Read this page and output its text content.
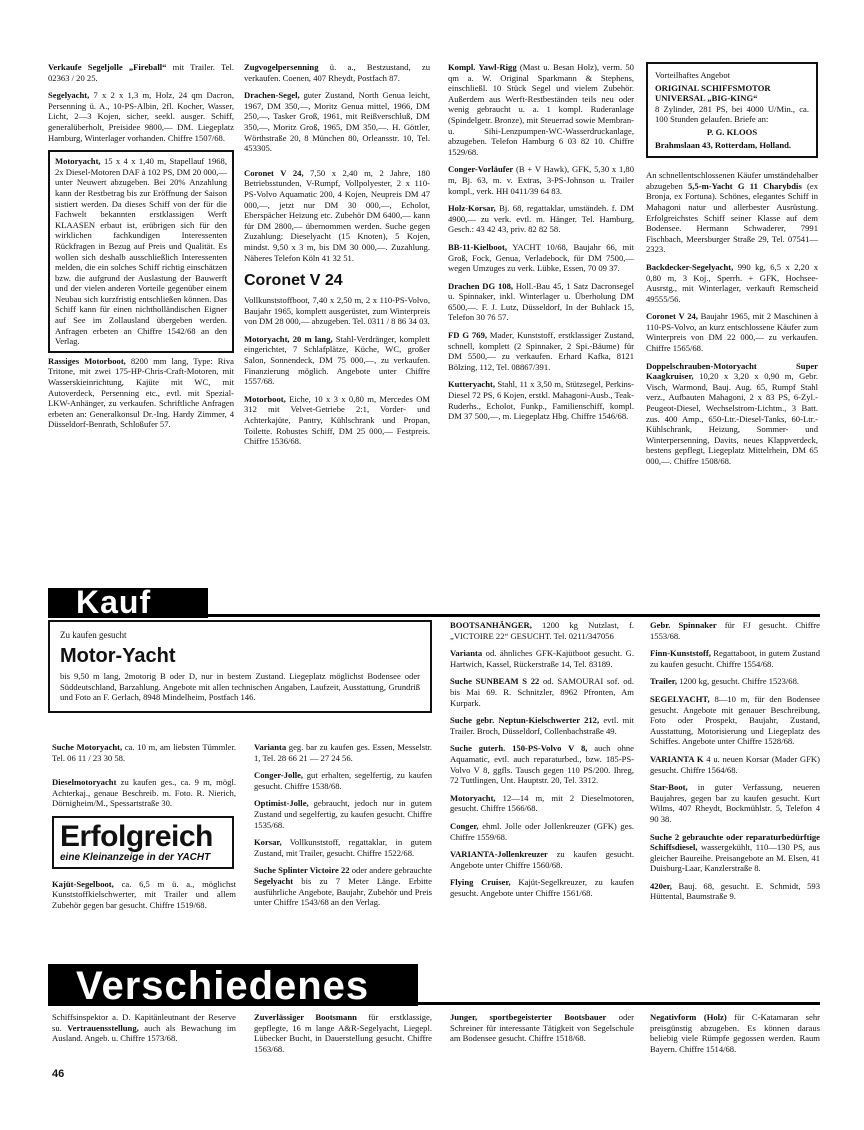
Verkaufe Segeljolle „Fireball“ mit Trailer. Tel. 02363 / 20 25.
Segelyacht, 7 x 2 x 1,3 m, Holz, 24 qm Dacron, Persenning ü. A., 10-PS-Albin, 2fl. Kocher, Wasser, Licht, 2—3 Kojen, sicher, seekl. ausger. Schiff, generalüberholt, Preisidee 9800,— DM. Liegeplatz Hamburg, Winterlager vorhanden. Chiffre 1507/68.
Motoryacht, 15 x 4 x 1,40 m, Stapellauf 1968, 2x Diesel-Motoren DAF à 102 PS, DM 20 000,— unter Neuwert abzugeben. Bei 20% Anzahlung kann der Restbetrag bis zur Eröffnung der Saison sistiert werden. Da dieses Schiff von der für die Fachwelt bekannten erstklassigen Werft KLAASEN erbaut ist, erübrigen sich für den wirklichen fachkundigen Interessenten Rückfragen in Bezug auf Preis und Qualität. Es wollen sich deshalb ausschließlich Interessenten melden, die ein solches Schiff richtig einschätzen bzw. die aufgrund der Auslastung der Bauwerft und der vielen anderen Vorteile gegenüber einem Neubau sich kurzfristig entschließen können. Das Schiff kann für einen nichtholländischen Eigner auf See im Zollausland übergeben werden. Anfragen erbeten an Chiffre 1542/68 an den Verlag.
Rassiges Motorboot, 8200 mm lang, Type: Riva Tritone, mit zwei 175-HP-Chris-Craft-Motoren, mit Wasserskieinrichtung, Kajüte mit WC, mit Autoverdeck, Persenning etc., evtl. mit Spezial-LKW-Anhänger, zu verkaufen. Schriftliche Anfragen erbeten an: Generalkonsul Dr.-Ing. Hardy Zimmer, 4 Düsseldorf-Benrath, Schloßufer 57.
Zugvogelpersenning ü. a., Bestzustand, zu verkaufen. Coenen, 407 Rheydt, Postfach 87.
Drachen-Segel, guter Zustand, North Genua leicht, 1967, DM 350,—, Moritz Genua mittel, 1966, DM 250,—, Tasker Groß, 1961, mit Reißverschluß, DM 350,—, Moritz Groß, 1965, DM 350,—. H. Göttler, Wörthstraße 20, 8 München 80, Orleansstr. 10, Tel. 453305.
Coronet V 24, 7,50 x 2,40 m, 2 Jahre, 180 Betriebsstunden, V-Rumpf, Vollpolyester, 2 x 110-PS-Volvo Aquamatic 200, 4 Kojen, Neupreis DM 47 000,—, jetzt nur DM 30 000,—, Echolot, Eberspächer Heizung etc. Zubehör DM 6400,— kann für DM 2800,— übernommen werden. Suche gegen Zuzahlung: Dieselyacht (15 Knoten), 5 Kojen, mindst. 9,50 x 3 m, bis DM 30 000,—. Zuzahlung. Näheres Telefon Köln 41 32 51.
Coronet V 24
Vollkunststoffboot, 7,40 x 2,50 m, 2 x 110-PS-Volvo, Baujahr 1965, komplett ausgerüstet, zum Winterpreis von DM 28 000,— abzugeben. Tel. 0311 / 8 86 34 03.
Motoryacht, 20 m lang, Stahl-Verdränger, komplett eingerichtet, 7 Schlafplätze, Küche, WC, großer Salon, Sonnendeck, DM 75 000,—, zu verkaufen. Finanzierung möglich. Angebote unter Chiffre 1557/68.
Motorboot, Eiche, 10 x 3 x 0,80 m, Mercedes OM 312 mit Velvet-Getriebe 2:1, Vorder- und Achterkajüte, Pantry, Kühlschrank und Propan, Toilette. Robustes Schiff, DM 25 000,— Festpreis. Chiffre 1536/68.
Kompl. Yawl-Rigg (Mast u. Besan Holz), verm. 50 qm a. W. Original Sparkmann & Stephens, einschließl. 10 Stück Segel und vielem Zubehör. Außerdem aus Werft-Restbeständen teils neu oder wenig gebraucht u. a. 1 kompl. Ruderanlage (Spindelgetr. Bronze), mit Steuerrad sowie Membran- u. Sihi-Lenzpumpen-WC-Wasserdruckanlage, abzugeben. Telefon Hamburg 6 03 82 10. Chiffre 1529/68.
Conger-Vorläufer (B + V Hawk), GFK, 5,30 x 1,80 m, Bj. 63, m. v. Extras, 3-PS-Johnson u. Trailer kompl., verk. HH 0411/39 64 83.
Holz-Korsar, Bj. 68, regattaklar, umständeh. f. DM 4900,— zu verk. evtl. m. Hänger. Tel. Hamburg, Gesch.: 43 42 43, priv. 82 82 58.
BB-11-Kielboot, YACHT 10/68, Baujahr 66, mit Groß, Fock, Genua, Verladebock, für DM 7500,— wegen Umzuges zu verk. Lübke, Essen, 70 09 37.
Drachen DG 108, Holl.-Bau 45, 1 Satz Dacronsegel u. Spinnaker, inkl. Winterlager u. Überholung DM 6500,—. F. J. Lutz, Düsseldorf, In der Buhlack 15, Telefon 30 76 57.
FD G 769, Mader, Kunststoff, erstklassiger Zustand, schnell, komplett (2 Spinnaker, 2 Spi.-Bäume) für DM 5500,— zu verkaufen. Erhard Kafka, 8121 Bölzing, 112, Tel. 08867/391.
Kutteryacht, Stahl, 11 x 3,50 m, Stützsegel, Perkins-Diesel 72 PS, 6 Kojen, erstkl. Mahagoni-Ausb., Teak-Ruderhs., Echolot, Funkp., Familienschiff, kompl. DM 37 500,—, m. Liegeplatz Hbg. Chiffre 1546/68.
Vorteilhaftes Angebot
ORIGINAL SCHIFFSMOTOR
UNIVERSAL „BIG-KING“
8 Zylinder, 281 PS, bei 4000 U/Min., ca. 100 Stunden gelaufen. Briefe an:
P. G. KLOOS
Brahmslaan 43, Rotterdam, Holland.
An schnellentschlossenen Käufer umständehalber abzugeben 5,5-m-Yacht G 11 Charybdis (ex Bronja, ex Fortuna). Schönes, elegantes Schiff in Mahagoni natur und allerbester Ausrüstung. Erfolgreichstes Schiff seiner Klasse auf dem Bodensee. Hermann Schwaderer, 7991 Fischbach, Meersburger Straße 29, Tel. 07541—2323.
Backdecker-Segelyacht, 990 kg, 6,5 x 2,20 x 0,80 m, 3 Koj., Sperrh. + GFK, Hochsee-Ausrstg., mit Winterlager, verkauft Remscheid 49555/56.
Coronet V 24, Baujahr 1965, mit 2 Maschinen à 110-PS-Volvo, an kurz entschlossene Käufer zum Winterpreis von DM 22 000,— zu verkaufen. Chiffre 1565/68.
Doppelschrauben-Motoryacht Super Kaagkruiser, 10,20 x 3,20 x 0,90 m, Gebr. Visch, Warmond, Bauj. Aug. 65, Rumpf Stahl verz., Aufbauten Mahagoni, 2 x 83 PS, 6-Zyl.-Peugeot-Diesel, Wechselstrom-Lichtm., 3 Batt. zus. 400 Amp., 650-Ltr.-Diesel-Tanks, 60-Ltr.-Kühlschrank, Heizung, Sommer- und Winterpersenning, Davits, neues Klappverdeck, bestens gepflegt, Liegeplatz Mittelrhein, DM 65 000,—. Chiffre 1508/68.
Kauf
Zu kaufen gesucht
Motor-Yacht
bis 9,50 m lang, 2motorig B oder D, nur in bestem Zustand. Liegeplatz möglichst Bodensee oder Süddeutschland, Barzahlung. Angebote mit allen technischen Angaben, Laufzeit, Ausstattung, Grundriß und Foto an F. Gerlach, 8948 Mindelheim, Postfach 146.
Suche Motoryacht, ca. 10 m, am liebsten Tümmler. Tel. 06 11 / 23 30 58.
Dieselmotoryacht zu kaufen ges., ca. 9 m, mögl. Achterkaj., genaue Beschreib. m. Foto. R. Nierich, Dörnigheim/M., Spessartstraße 30.
Erfolgreich
eine Kleinanzeige in der YACHT
Kajüt-Segelboot, ca. 6,5 m ü. a., möglichst Kunststoffkielschwerter, mit Trailer und allem Zubehör gegen bar gesucht. Chiffre 1519/68.
Varianta geg. bar zu kaufen ges. Essen, Messelstr. 1, Tel. 28 66 21 — 27 24 56.
Conger-Jolle, gut erhalten, segelfertig, zu kaufen gesucht. Chiffre 1538/68.
Optimist-Jolle, gebraucht, jedoch nur in gutem Zustand und segelfertig, zu kaufen gesucht. Chiffre 1535/68.
Korsar, Vollkunststoff, regattaklar, in gutem Zustand, mit Trailer, gesucht. Chiffre 1522/68.
Suche Splinter Victoire 22 oder andere gebrauchte Segelyacht bis zu 7 Meter Länge. Erbitte ausführliche Angebote, Baujahr, Zubehör und Preis unter Chiffre 1543/68 an den Verlag.
BOOTSANHÄNGER, 1200 kg Nutzlast, f. „VICTOIRE 22“ GESUCHT. Tel. 0211/347056
Varianta od. ähnliches GFK-Kajütboot gesucht. G. Hartwich, Kassel, Rückerstraße 14, Tel. 83189.
Suche SUNBEAM S 22 od. SAMOURAI sof. od. bis Mai 69. R. Schnitzler, 8962 Pfronten, Am Kurpark.
Suche gebr. Neptun-Kielschwerter 212, evtl. mit Trailer. Broch, Düsseldorf, Collenbachstraße 49.
Suche guterh. 150-PS-Volvo V 8, auch ohne Aquamatic, evtl. auch reparaturbed., bzw. 185-PS-Volvo V 8, ggfls. Tausch gegen 110 PS/200. Ihreg, 72 Tuttlingen, Unt. Hauptstr. 20, Tel. 3312.
Motoryacht, 12—14 m, mit 2 Dieselmotoren, gesucht. Chiffre 1566/68.
Conger, ehml. Jolle oder Jollenkreuzer (GFK) ges. Chiffre 1559/68.
VARIANTA-Jollenkreuzer zu kaufen gesucht. Angebote unter Chiffre 1560/68.
Flying Cruiser, Kajüt-Segelkreuzer, zu kaufen gesucht. Angebote unter Chiffre 1561/68.
Gebr. Spinnaker für FJ gesucht. Chiffre 1553/68.
Finn-Kunststoff, Regattaboot, in gutem Zustand zu kaufen gesucht. Chiffre 1554/68.
Trailer, 1200 kg, gesucht. Chiffre 1523/68.
SEGELYACHT, 8—10 m, für den Bodensee gesucht. Angebote mit genauer Beschreibung, Foto oder Prospekt, Baujahr, Zustand, Ausstattung, Motorisierung und Liegeplatz des Schiffes. Angebote unter Chiffre 1528/68.
VARIANTA K 4 u. neuen Korsar (Mader GFK) gesucht. Chiffre 1564/68.
Star-Boot, in guter Verfassung, neueren Baujahres, gegen bar zu kaufen gesucht. Kurt Wilms, 407 Rheydt, Bockmühlstr. 5, Telefon 4 90 38.
Suche 2 gebrauchte oder reparaturbedürftige Schiffsdiesel, wassergekühlt, 110—130 PS, aus gleicher Baureihe. Preisangebote an M. Elsen, 41 Duisburg-Laar, Kanzlerstraße 8.
420er, Bauj. 68, gesucht. E. Schmidt, 593 Hüttental, Baumstraße 9.
Verschiedenes
Schiffsinspektor a. D. Kapitänleutnant der Reserve su. Vertrauensstellung, auch als Bewachung im Ausland. Angeb. u. Chiffre 1573/68.
Zuverlässiger Bootsmann für erstklassige, gepflegte, 16 m lange A&R-Segelyacht, Liegepl. Lübecker Bucht, in Dauerstellung gesucht. Chiffre 1563/68.
Junger, sportbegeisterter Bootsbauer oder Schreiner für interessante Tätigkeit von Segelschule am Bodensee gesucht. Chiffre 1518/68.
Negativform (Holz) für C-Katamaran sehr preisgünstig abzugeben. Es können daraus beliebig viele Rümpfe gegossen werden. Raum Bayern. Chiffre 1514/68.
46
